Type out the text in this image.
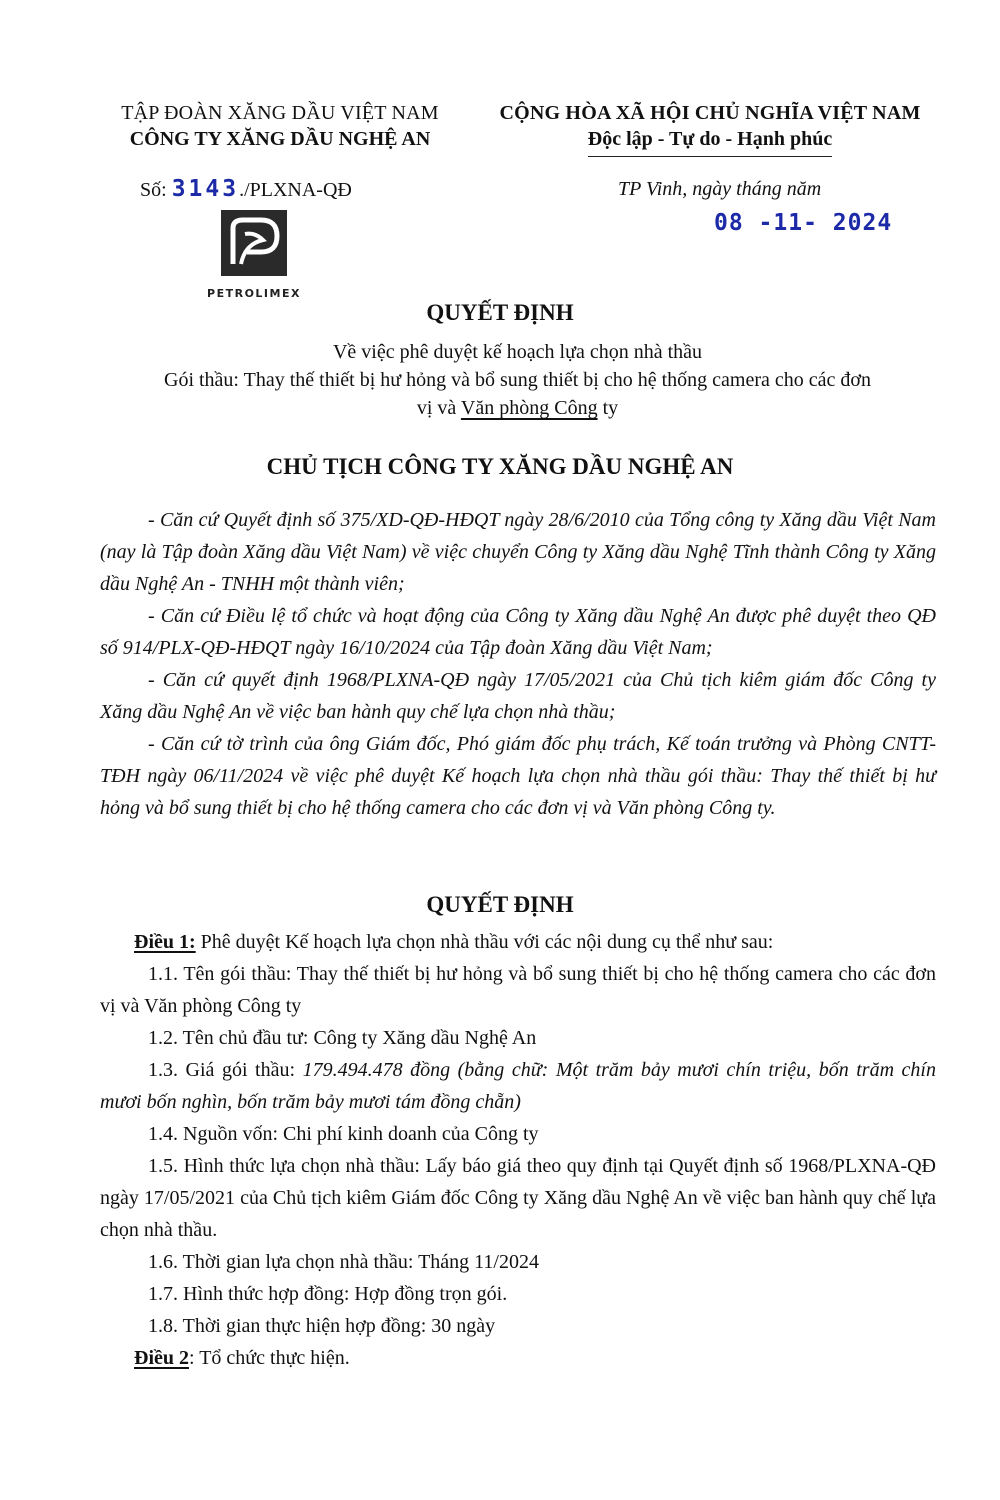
TẬP ĐOÀN XĂNG DẦU VIỆT NAM
CÔNG TY XĂNG DẦU NGHỆ AN
CỘNG HÒA XÃ HỘI CHỦ NGHĨA VIỆT NAM
Độc lập - Tự do - Hạnh phúc
Số: 3143./PLXNA-QĐ	TP Vinh, ngày tháng năm
08 -11- 2024
PETROLIMEX
QUYẾT ĐỊNH
Về việc phê duyệt kế hoạch lựa chọn nhà thầu
Gói thầu: Thay thế thiết bị hư hỏng và bổ sung thiết bị cho hệ thống camera cho các đơn
vị và Văn phòng Công ty
CHỦ TỊCH CÔNG TY XĂNG DẦU NGHỆ AN

- Căn cứ Quyết định số 375/XD-QĐ-HĐQT ngày 28/6/2010 của Tổng công ty Xăng dầu Việt Nam (nay là Tập đoàn Xăng dầu Việt Nam) về việc chuyển Công ty Xăng dầu Nghệ Tĩnh thành Công ty Xăng dầu Nghệ An - TNHH một thành viên;

- Căn cứ Điều lệ tổ chức và hoạt động của Công ty Xăng dầu Nghệ An được phê duyệt theo QĐ số 914/PLX-QĐ-HĐQT ngày 16/10/2024 của Tập đoàn Xăng dầu Việt Nam;

- Căn cứ quyết định 1968/PLXNA-QĐ ngày 17/05/2021 của Chủ tịch kiêm giám đốc Công ty Xăng dầu Nghệ An về việc ban hành quy chế lựa chọn nhà thầu;

- Căn cứ tờ trình của ông Giám đốc, Phó giám đốc phụ trách, Kế toán trưởng và Phòng CNTT-TĐH ngày 06/11/2024 về việc phê duyệt Kế hoạch lựa chọn nhà thầu gói thầu: Thay thế thiết bị hư hỏng và bổ sung thiết bị cho hệ thống camera cho các đơn vị và Văn phòng Công ty.

QUYẾT ĐỊNH

Điều 1: Phê duyệt Kế hoạch lựa chọn nhà thầu với các nội dung cụ thể như sau:

1.1. Tên gói thầu: Thay thế thiết bị hư hỏng và bổ sung thiết bị cho hệ thống camera cho các đơn vị và Văn phòng Công ty

1.2. Tên chủ đầu tư: Công ty Xăng dầu Nghệ An

1.3. Giá gói thầu: 179.494.478 đồng (bằng chữ: Một trăm bảy mươi chín triệu, bốn trăm chín mươi bốn nghìn, bốn trăm bảy mươi tám đồng chẵn)

1.4. Nguồn vốn: Chi phí kinh doanh của Công ty

1.5. Hình thức lựa chọn nhà thầu: Lấy báo giá theo quy định tại Quyết định số 1968/PLXNA-QĐ ngày 17/05/2021 của Chủ tịch kiêm Giám đốc Công ty Xăng dầu Nghệ An về việc ban hành quy chế lựa chọn nhà thầu.

1.6. Thời gian lựa chọn nhà thầu: Tháng 11/2024

1.7. Hình thức hợp đồng: Hợp đồng trọn gói.

1.8. Thời gian thực hiện hợp đồng: 30 ngày

Điều 2: Tổ chức thực hiện.
